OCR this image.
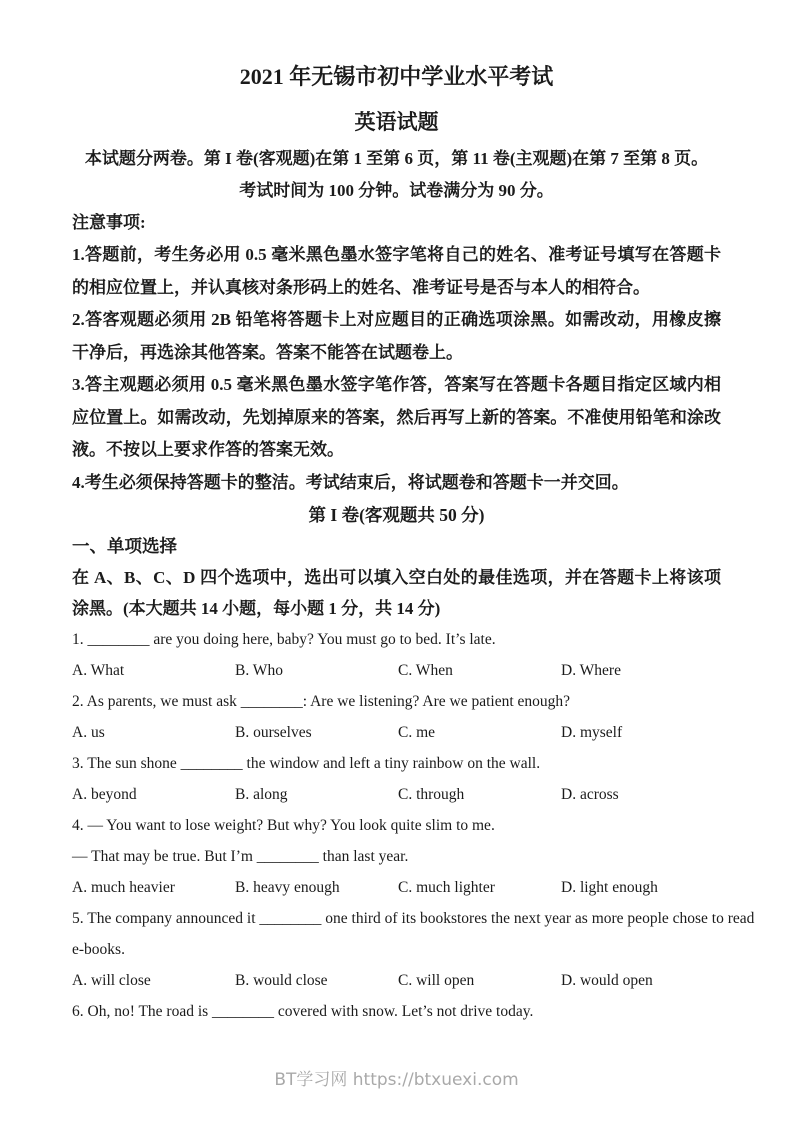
2021 年无锡市初中学业水平考试
英语试题
本试题分两卷。第 I 卷(客观题)在第 1 至第 6 页，第 11 卷(主观题)在第 7 至第 8 页。
考试时间为 100 分钟。试卷满分为 90 分。
注意事项:
1.答题前，考生务必用 0.5 毫米黑色墨水签字笔将自己的姓名、准考证号填写在答题卡的相应位置上，并认真核对条形码上的姓名、准考证号是否与本人的相符合。
2.答客观题必须用 2B 铅笔将答题卡上对应题目的正确选项涂黑。如需改动，用橡皮擦干净后，再选涂其他答案。答案不能答在试题卷上。
3.答主观题必须用 0.5 毫米黑色墨水签字笔作答，答案写在答题卡各题目指定区域内相应位置上。如需改动，先划掉原来的答案，然后再写上新的答案。不准使用铅笔和涂改液。不按以上要求作答的答案无效。
4.考生必须保持答题卡的整洁。考试结束后，将试题卷和答题卡一并交回。
第 I 卷(客观题共 50 分)
一、单项选择
在 A、B、C、D 四个选项中，选出可以填入空白处的最佳选项，并在答题卡上将该项涂黑。(本大题共 14 小题，每小题 1 分，共 14 分)
1. ________ are you doing here, baby? You must go to bed. It’s late.
A. What	B. Who	C. When	D. Where
2. As parents, we must ask ________: Are we listening? Are we patient enough?
A. us	B. ourselves	C. me	D. myself
3. The sun shone ________ the window and left a tiny rainbow on the wall.
A. beyond	B. along	C. through	D. across
4. — You want to lose weight? But why? You look quite slim to me.
— That may be true. But I’m ________ than last year.
A. much heavier	B. heavy enough	C. much lighter	D. light enough
5. The company announced it ________ one third of its bookstores the next year as more people chose to read
e-books.
A. will close	B. would close	C. will open	D. would open
6. Oh, no! The road is ________ covered with snow. Let’s not drive today.
BT学习网 https://btxuexi.com
